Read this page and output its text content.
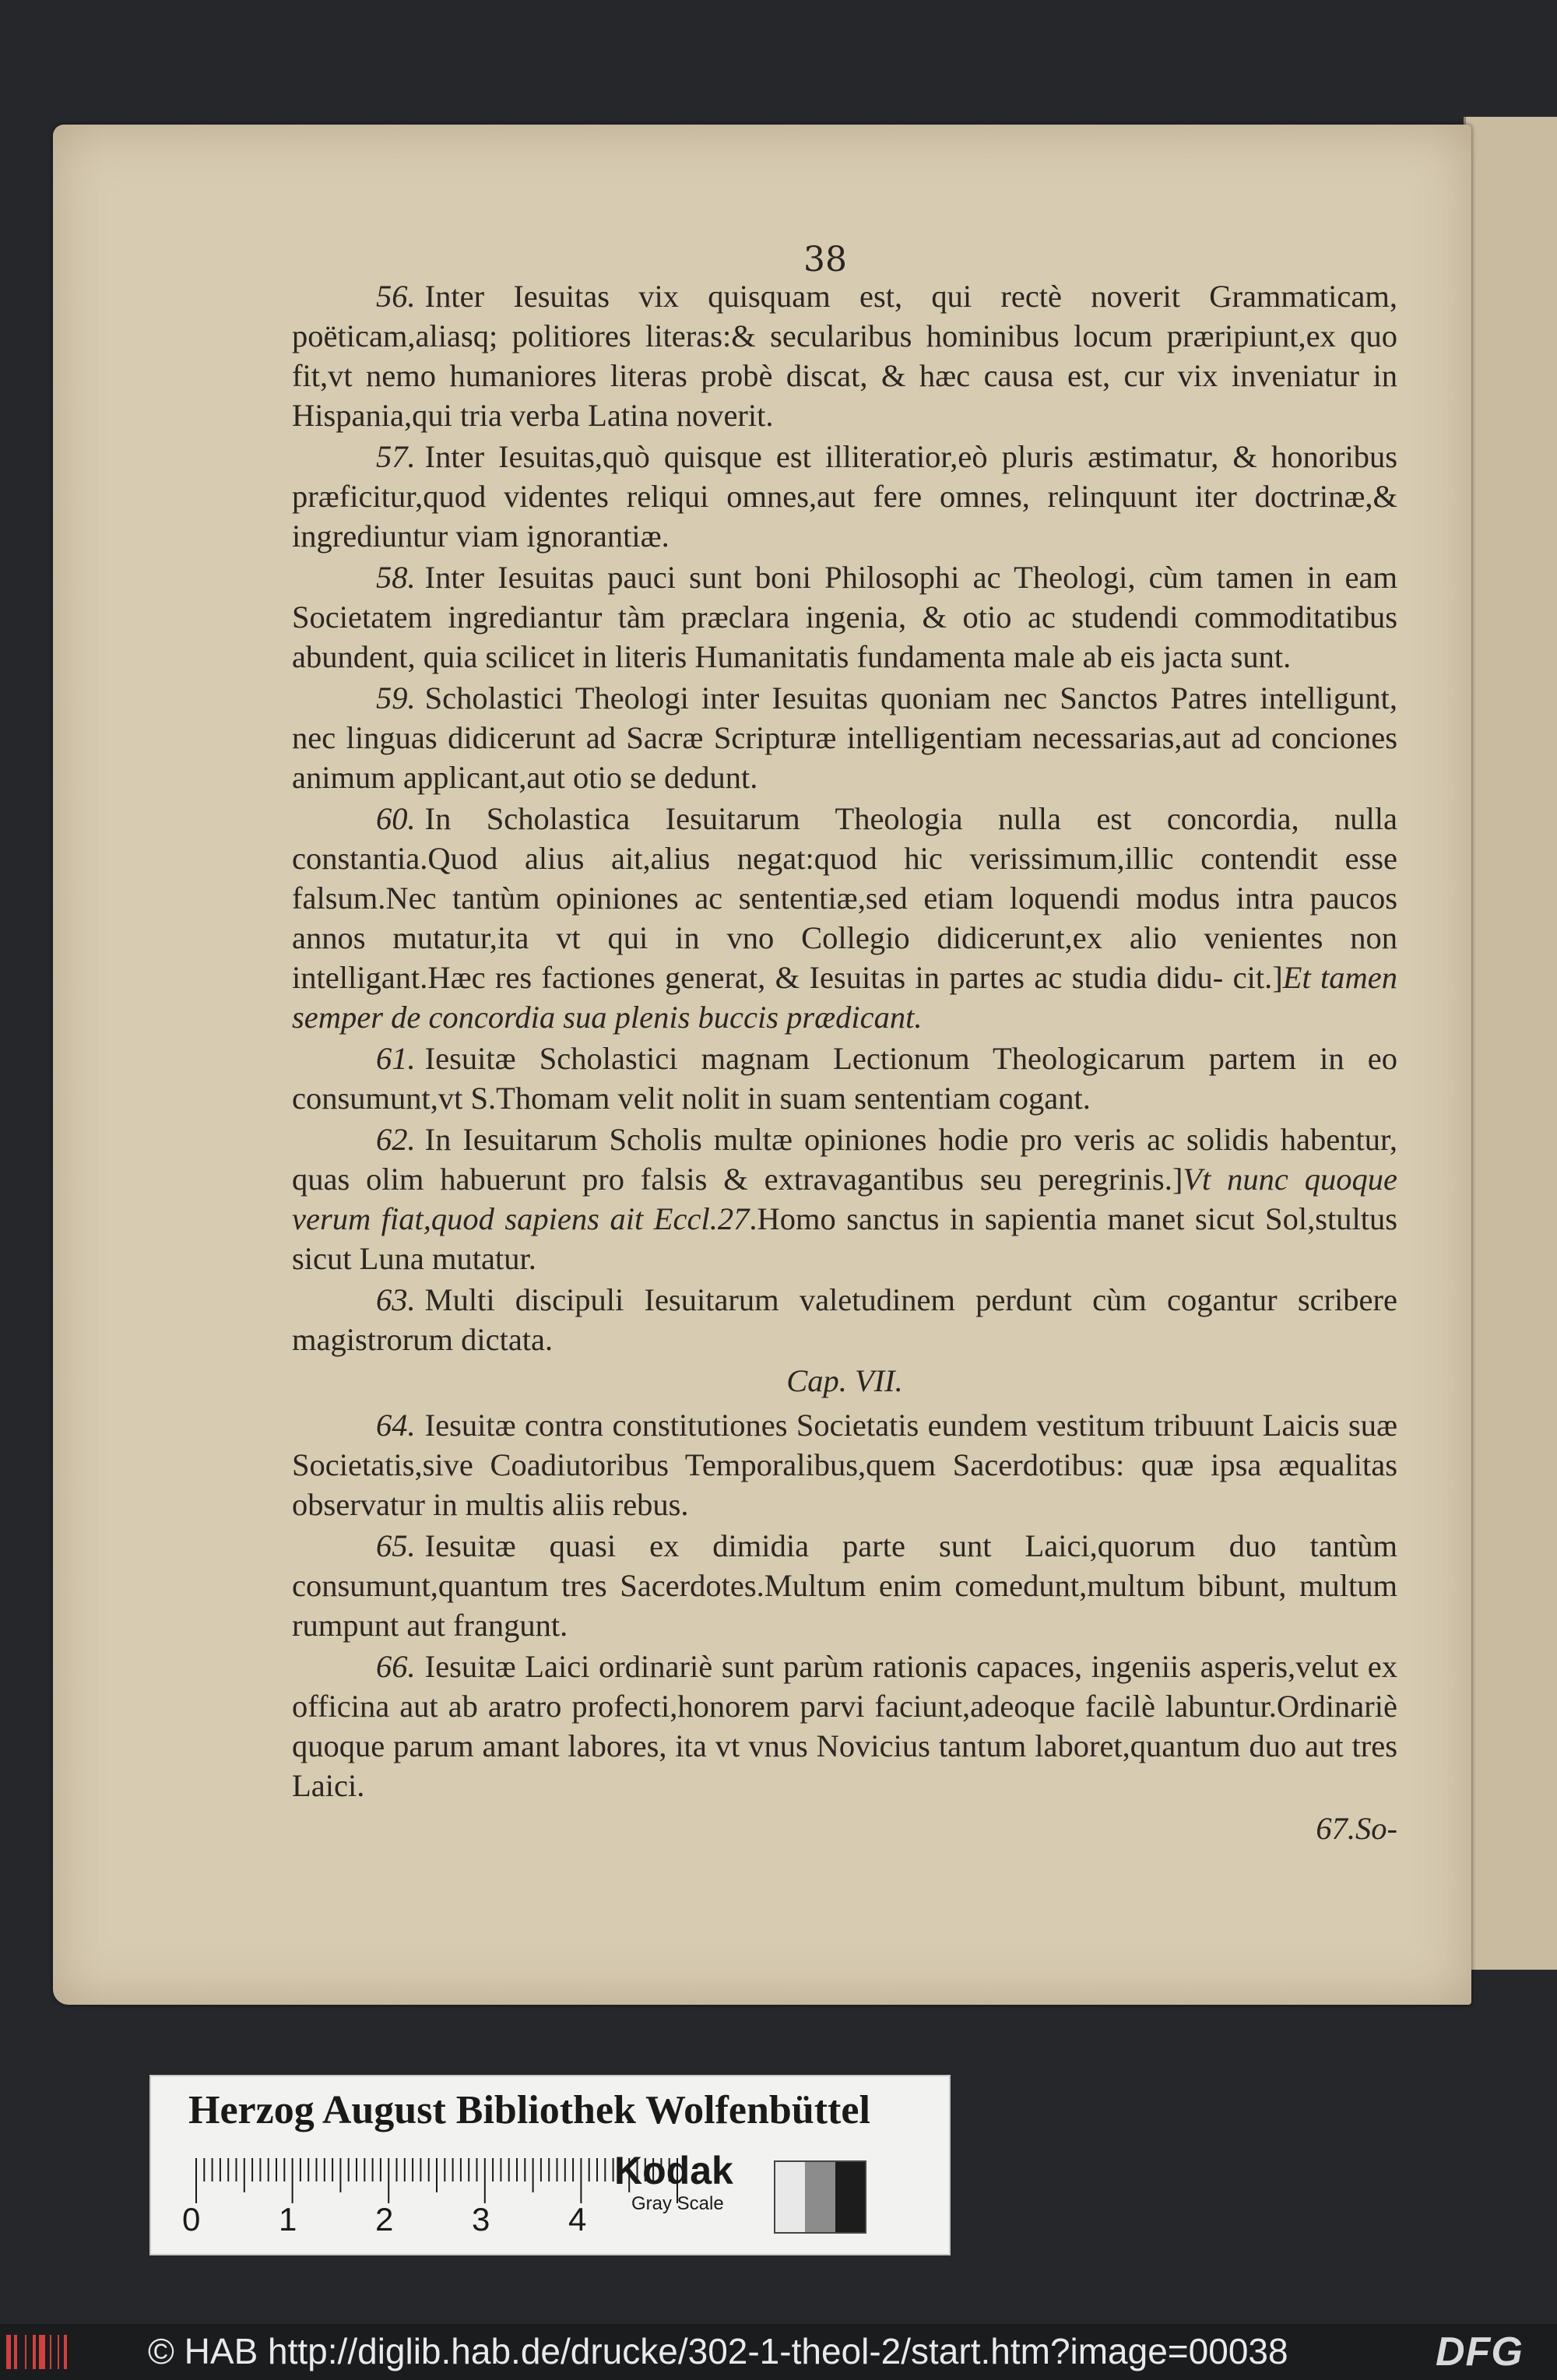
38

56. Inter Iesuitas vix quisquam est, qui rectè noverit Grammaticam, poëticam,aliasq; politiores literas:& secularibus hominibus locum præripiunt,ex quo fit,vt nemo humaniores literas probè discat, & hæc causa est, cur vix inveniatur in Hispania,qui tria verba Latina noverit.

57. Inter Iesuitas,quò quisque est illiteratior,eò pluris æstimatur, & honoribus præficitur,quod videntes reliqui omnes,aut fere omnes, relinquunt iter doctrinæ,& ingrediuntur viam ignorantiæ.

58. Inter Iesuitas pauci sunt boni Philosophi ac Theologi, cùm tamen in eam Societatem ingrediantur tàm præclara ingenia, & otio ac studendi commoditatibus abundent, quia scilicet in literis Humanitatis fundamenta male ab eis jacta sunt.

59. Scholastici Theologi inter Iesuitas quoniam nec Sanctos Patres intelligunt, nec linguas didicerunt ad Sacræ Scripturæ intelligentiam necessarias,aut ad conciones animum applicant,aut otio se dedunt.

60. In Scholastica Iesuitarum Theologia nulla est concordia, nulla constantia.Quod alius ait,alius negat:quod hic verissimum,illic contendit esse falsum.Nec tantùm opiniones ac sententiæ,sed etiam loquendi modus intra paucos annos mutatur,ita vt qui in vno Collegio didicerunt,ex alio venientes non intelligant.Hæc res factiones generat, & Iesuitas in partes ac studia didu- cit.]Et tamen semper de concordia sua plenis buccis prædicant.

61. Iesuitæ Scholastici magnam Lectionum Theologicarum partem in eo consumunt,vt S.Thomam velit nolit in suam sententiam cogant.

62. In Iesuitarum Scholis multæ opiniones hodie pro veris ac solidis habentur, quas olim habuerunt pro falsis & extravagantibus seu peregrinis.]Vt nunc quoque verum fiat,quod sapiens ait Eccl.27.Homo sanctus in sapientia manet sicut Sol,stultus sicut Luna mutatur.

63. Multi discipuli Iesuitarum valetudinem perdunt cùm cogantur scribere magistrorum dictata.

Cap. VII.

64. Iesuitæ contra constitutiones Societatis eundem vestitum tribuunt Laicis suæ Societatis,sive Coadiutoribus Temporalibus,quem Sacerdotibus: quæ ipsa æqualitas observatur in multis aliis rebus.

65. Iesuitæ quasi ex dimidia parte sunt Laici,quorum duo tantùm consumunt,quantum tres Sacerdotes.Multum enim comedunt,multum bibunt, multum rumpunt aut frangunt.

66. Iesuitæ Laici ordinariè sunt parùm rationis capaces, ingeniis asperis,velut ex officina aut ab aratro profecti,honorem parvi faciunt,adeoque facilè labuntur.Ordinariè quoque parum amant labores, ita vt vnus Novicius tantum laboret,quantum duo aut tres Laici.

67.So-
Herzog August Bibliothek Wolfenbüttel
0 1 2 3 4
Kodak
Gray Scale
© HAB http://diglib.hab.de/drucke/302-1-theol-2/start.htm?image=00038	DFG
